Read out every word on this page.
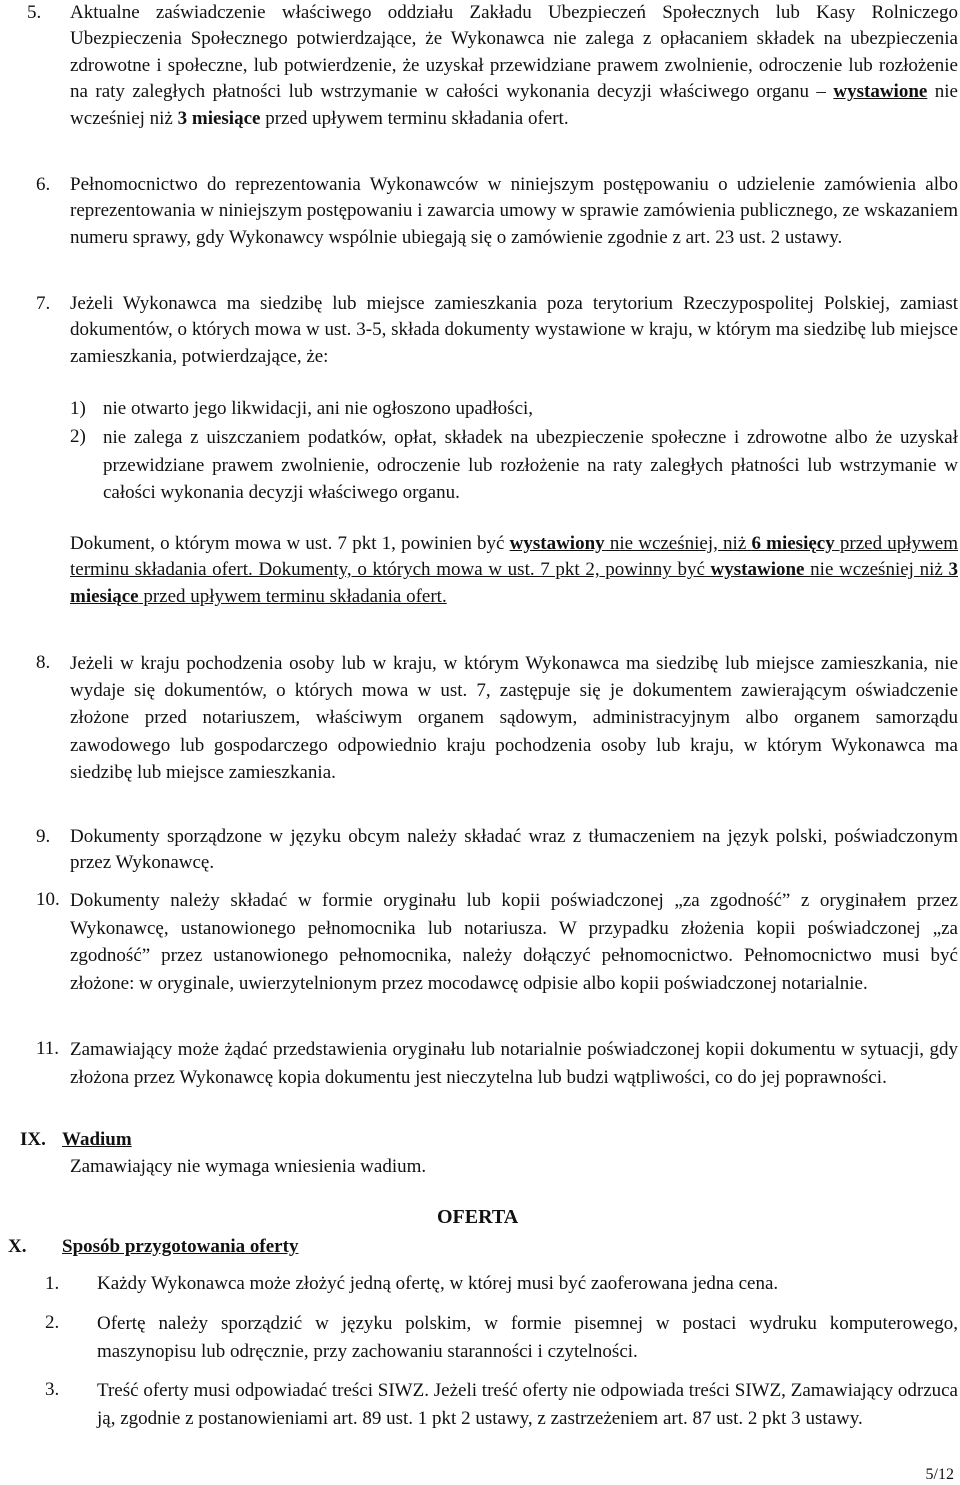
5. Aktualne zaświadczenie właściwego oddziału Zakładu Ubezpieczeń Społecznych lub Kasy Rolniczego Ubezpieczenia Społecznego potwierdzające, że Wykonawca nie zalega z opłacaniem składek na ubezpieczenia zdrowotne i społeczne, lub potwierdzenie, że uzyskał przewidziane prawem zwolnienie, odroczenie lub rozłożenie na raty zaległych płatności lub wstrzymanie w całości wykonania decyzji właściwego organu – wystawione nie wcześniej niż 3 miesiące przed upływem terminu składania ofert.
6. Pełnomocnictwo do reprezentowania Wykonawców w niniejszym postępowaniu o udzielenie zamówienia albo reprezentowania w niniejszym postępowaniu i zawarcia umowy w sprawie zamówienia publicznego, ze wskazaniem numeru sprawy, gdy Wykonawcy wspólnie ubiegają się o zamówienie zgodnie z art. 23 ust. 2 ustawy.
7. Jeżeli Wykonawca ma siedzibę lub miejsce zamieszkania poza terytorium Rzeczypospolitej Polskiej, zamiast dokumentów, o których mowa w ust. 3-5, składa dokumenty wystawione w kraju, w którym ma siedzibę lub miejsce zamieszkania, potwierdzające, że:
1) nie otwarto jego likwidacji, ani nie ogłoszono upadłości,
2) nie zalega z uiszczaniem podatków, opłat, składek na ubezpieczenie społeczne i zdrowotne albo że uzyskał przewidziane prawem zwolnienie, odroczenie lub rozłożenie na raty zaległych płatności lub wstrzymanie w całości wykonania decyzji właściwego organu.
Dokument, o którym mowa w ust. 7 pkt 1, powinien być wystawiony nie wcześniej, niż 6 miesięcy przed upływem terminu składania ofert. Dokumenty, o których mowa w ust. 7 pkt 2, powinny być wystawione nie wcześniej niż 3 miesiące przed upływem terminu składania ofert.
8. Jeżeli w kraju pochodzenia osoby lub w kraju, w którym Wykonawca ma siedzibę lub miejsce zamieszkania, nie wydaje się dokumentów, o których mowa w ust. 7, zastępuje się je dokumentem zawierającym oświadczenie złożone przed notariuszem, właściwym organem sądowym, administracyjnym albo organem samorządu zawodowego lub gospodarczego odpowiednio kraju pochodzenia osoby lub kraju, w którym Wykonawca ma siedzibę lub miejsce zamieszkania.
9. Dokumenty sporządzone w języku obcym należy składać wraz z tłumaczeniem na język polski, poświadczonym przez Wykonawcę.
10. Dokumenty należy składać w formie oryginału lub kopii poświadczonej „za zgodność” z oryginałem przez Wykonawcę, ustanowionego pełnomocnika lub notariusza. W przypadku złożenia kopii poświadczonej „za zgodność” przez ustanowionego pełnomocnika, należy dołączyć pełnomocnictwo. Pełnomocnictwo musi być złożone: w oryginale, uwierzytelnionym przez mocodawcę odpisie albo kopii poświadczonej notarialnie.
11. Zamawiający może żądać przedstawienia oryginału lub notarialnie poświadczonej kopii dokumentu w sytuacji, gdy złożona przez Wykonawcę kopia dokumentu jest nieczytelna lub budzi wątpliwości, co do jej poprawności.
IX. Wadium
Zamawiający nie wymaga wniesienia wadium.
OFERTA
X. Sposób przygotowania oferty
1. Każdy Wykonawca może złożyć jedną ofertę, w której musi być zaoferowana jedna cena.
2. Ofertę należy sporządzić w języku polskim, w formie pisemnej w postaci wydruku komputerowego, maszynopisu lub odręcznie, przy zachowaniu staranności i czytelności.
3. Treść oferty musi odpowiadać treści SIWZ. Jeżeli treść oferty nie odpowiada treści SIWZ, Zamawiający odrzuca ją, zgodnie z postanowieniami art. 89 ust. 1 pkt 2 ustawy, z zastrzeżeniem art. 87 ust. 2 pkt 3 ustawy.
5/12
